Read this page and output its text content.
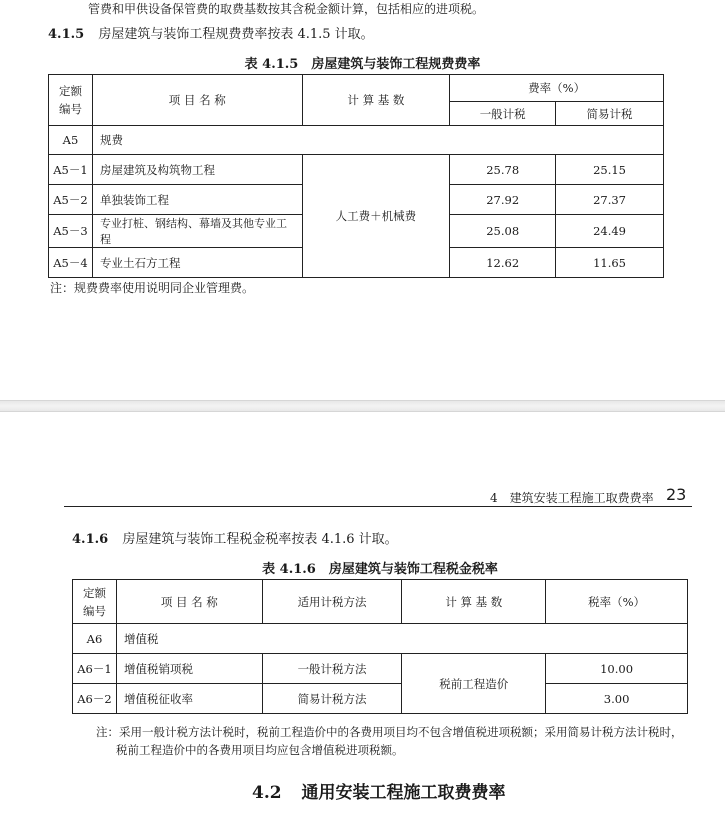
管费和甲供设备保管费的取费基数按其含税金额计算，包括相应的进项税。
4.1.5 房屋建筑与装饰工程规费费率按表 4.1.5 计取。
表 4.1.5　房屋建筑与装饰工程规费费率
定额
编号	项 目 名 称	计 算 基 数	费率（%）	
			一般计税	简易计税
A5	规费			
A5－1	房屋建筑及构筑物工程	人工费＋机械费	25.78	25.15
A5－2	单独装饰工程		27.92	27.37
A5－3	专业打桩、钢结构、幕墙及其他专业工程		25.08	24.49
A5－4	专业土石方工程		12.62	11.65
注：规费费率使用说明同企业管理费。
4　建筑安装工程施工取费费率 23
4.1.6 房屋建筑与装饰工程税金税率按表 4.1.6 计取。
表 4.1.6　房屋建筑与装饰工程税金税率
定额
编号	项 目 名 称	适用计税方法	计 算 基 数	税率（%）
A6	增值税			
A6－1	增值税销项税	一般计税方法	税前工程造价	10.00
A6－2	增值税征收率	简易计税方法		3.00
注：采用一般计税方法计税时，税前工程造价中的各费用项目均不包含增值税进项税额；采用简易计税方法计税时，
税前工程造价中的各费用项目均应包含增值税进项税额。
4.2 通用安装工程施工取费费率
